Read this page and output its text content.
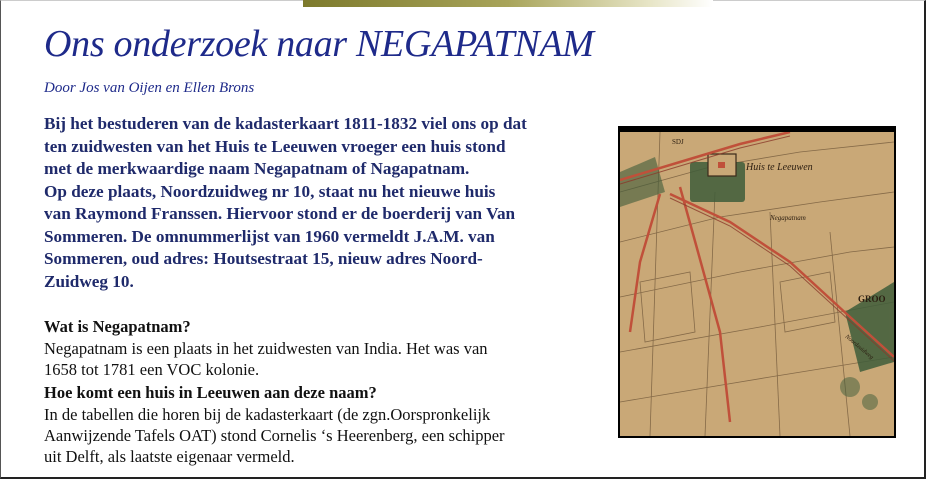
Ons onderzoek naar NEGAPATNAM

Door Jos van Oijen en Ellen Brons

Bij het bestuderen van de kadasterkaart 1811-1832 viel ons op dat
ten zuidwesten van het Huis te Leeuwen vroeger een huis stond
met de merkwaardige naam Negapatnam of Nagapatnam.
Op deze plaats, Noordzuidweg nr 10, staat nu het nieuwe huis
van Raymond Franssen. Hiervoor stond er de boerderij van Van
Sommeren. De omnummerlijst van 1960 vermeldt J.A.M. van
Sommeren, oud adres: Houtsestraat 15, nieuw adres Noord-
Zuidweg 10.

Wat is Negapatnam?

Negapatnam is een plaats in het zuidwesten van India. Het was van
1658 tot 1781 een VOC kolonie.

Hoe komt een huis in Leeuwen aan deze naam?

In de tabellen die horen bij de kadasterkaart (de zgn.Oorspronkelijk
Aanwijzende Tafels OAT) stond Cornelis ‘s Heerenberg, een schipper
uit Delft, als laatste eigenaar vermeld.

Huis te Leeuwen
Negapatnam
SDJ
GROO
Noordzuidweg
